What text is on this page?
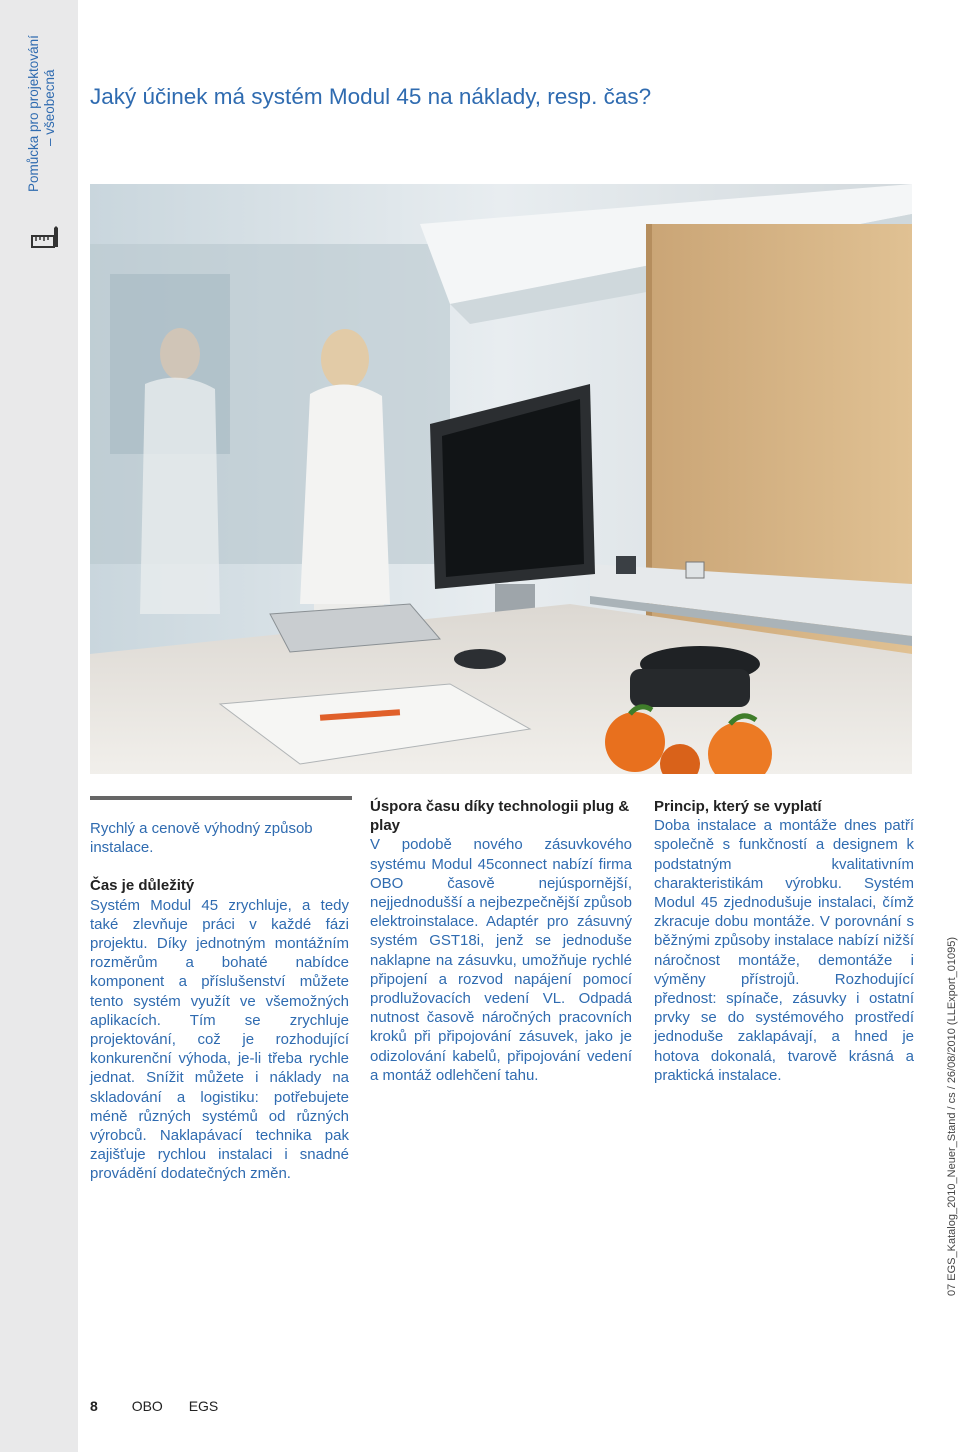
Pomůcka pro projektování – všeobecná Jaký účinek má systém Modul 45 na náklady, resp. čas?

Rychlý a cenově výhodný způsob instalace.

Čas je důležitý

Systém Modul 45 zrychluje, a tedy také zlevňuje práci v každé fázi projektu. Díky jednotným montážním rozměrům a bohaté nabídce komponent a příslušenství můžete tento systém využít ve všemožných aplikacích. Tím se zrychluje projektování, což je rozhodující konkurenční výhoda, je-li třeba rychle jednat. Snížit můžete i náklady na skladování a logistiku: potřebujete méně různých systémů od různých výrobců. Naklapávací technika pak zajišťuje rychlou instalaci i snadné provádění dodatečných změn.

Úspora času díky technologii plug & play

V podobě nového zásuvkového systému Modul 45connect nabízí firma OBO časově nejúspornější, nejjednodušší a nejbezpečnější způsob elektroinstalace. Adaptér pro zásuvný systém GST18i, jenž se jednoduše naklapne na zásuvku, umožňuje rychlé připojení a rozvod napájení pomocí prodlužovacích vedení VL. Odpadá nutnost časově náročných pracovních kroků při připojování zásuvek, jako je odizolování kabelů, připojování vedení a montáž odlehčení tahu.

Princip, který se vyplatí

Doba instalace a montáže dnes patří společně s funkčností a designem k podstatným kvalitativním charakteristikám výrobku. Systém Modul 45 zjednodušuje instalaci, čímž zkracuje dobu montáže. V porovnání s běžnými způsoby instalace nabízí nižší náročnost montáže, demontáže i výměny přístrojů. Rozhodující přednost: spínače, zásuvky i ostatní prvky se do systémového prostředí jednoduše zaklapávají, a hned je hotova dokonalá, tvarově krásná a praktická instalace.	07 EGS_Katalog_2010_Neuer_Stand / cs / 26/08/2010 (LLExport_01095)
8 OBO EGS
